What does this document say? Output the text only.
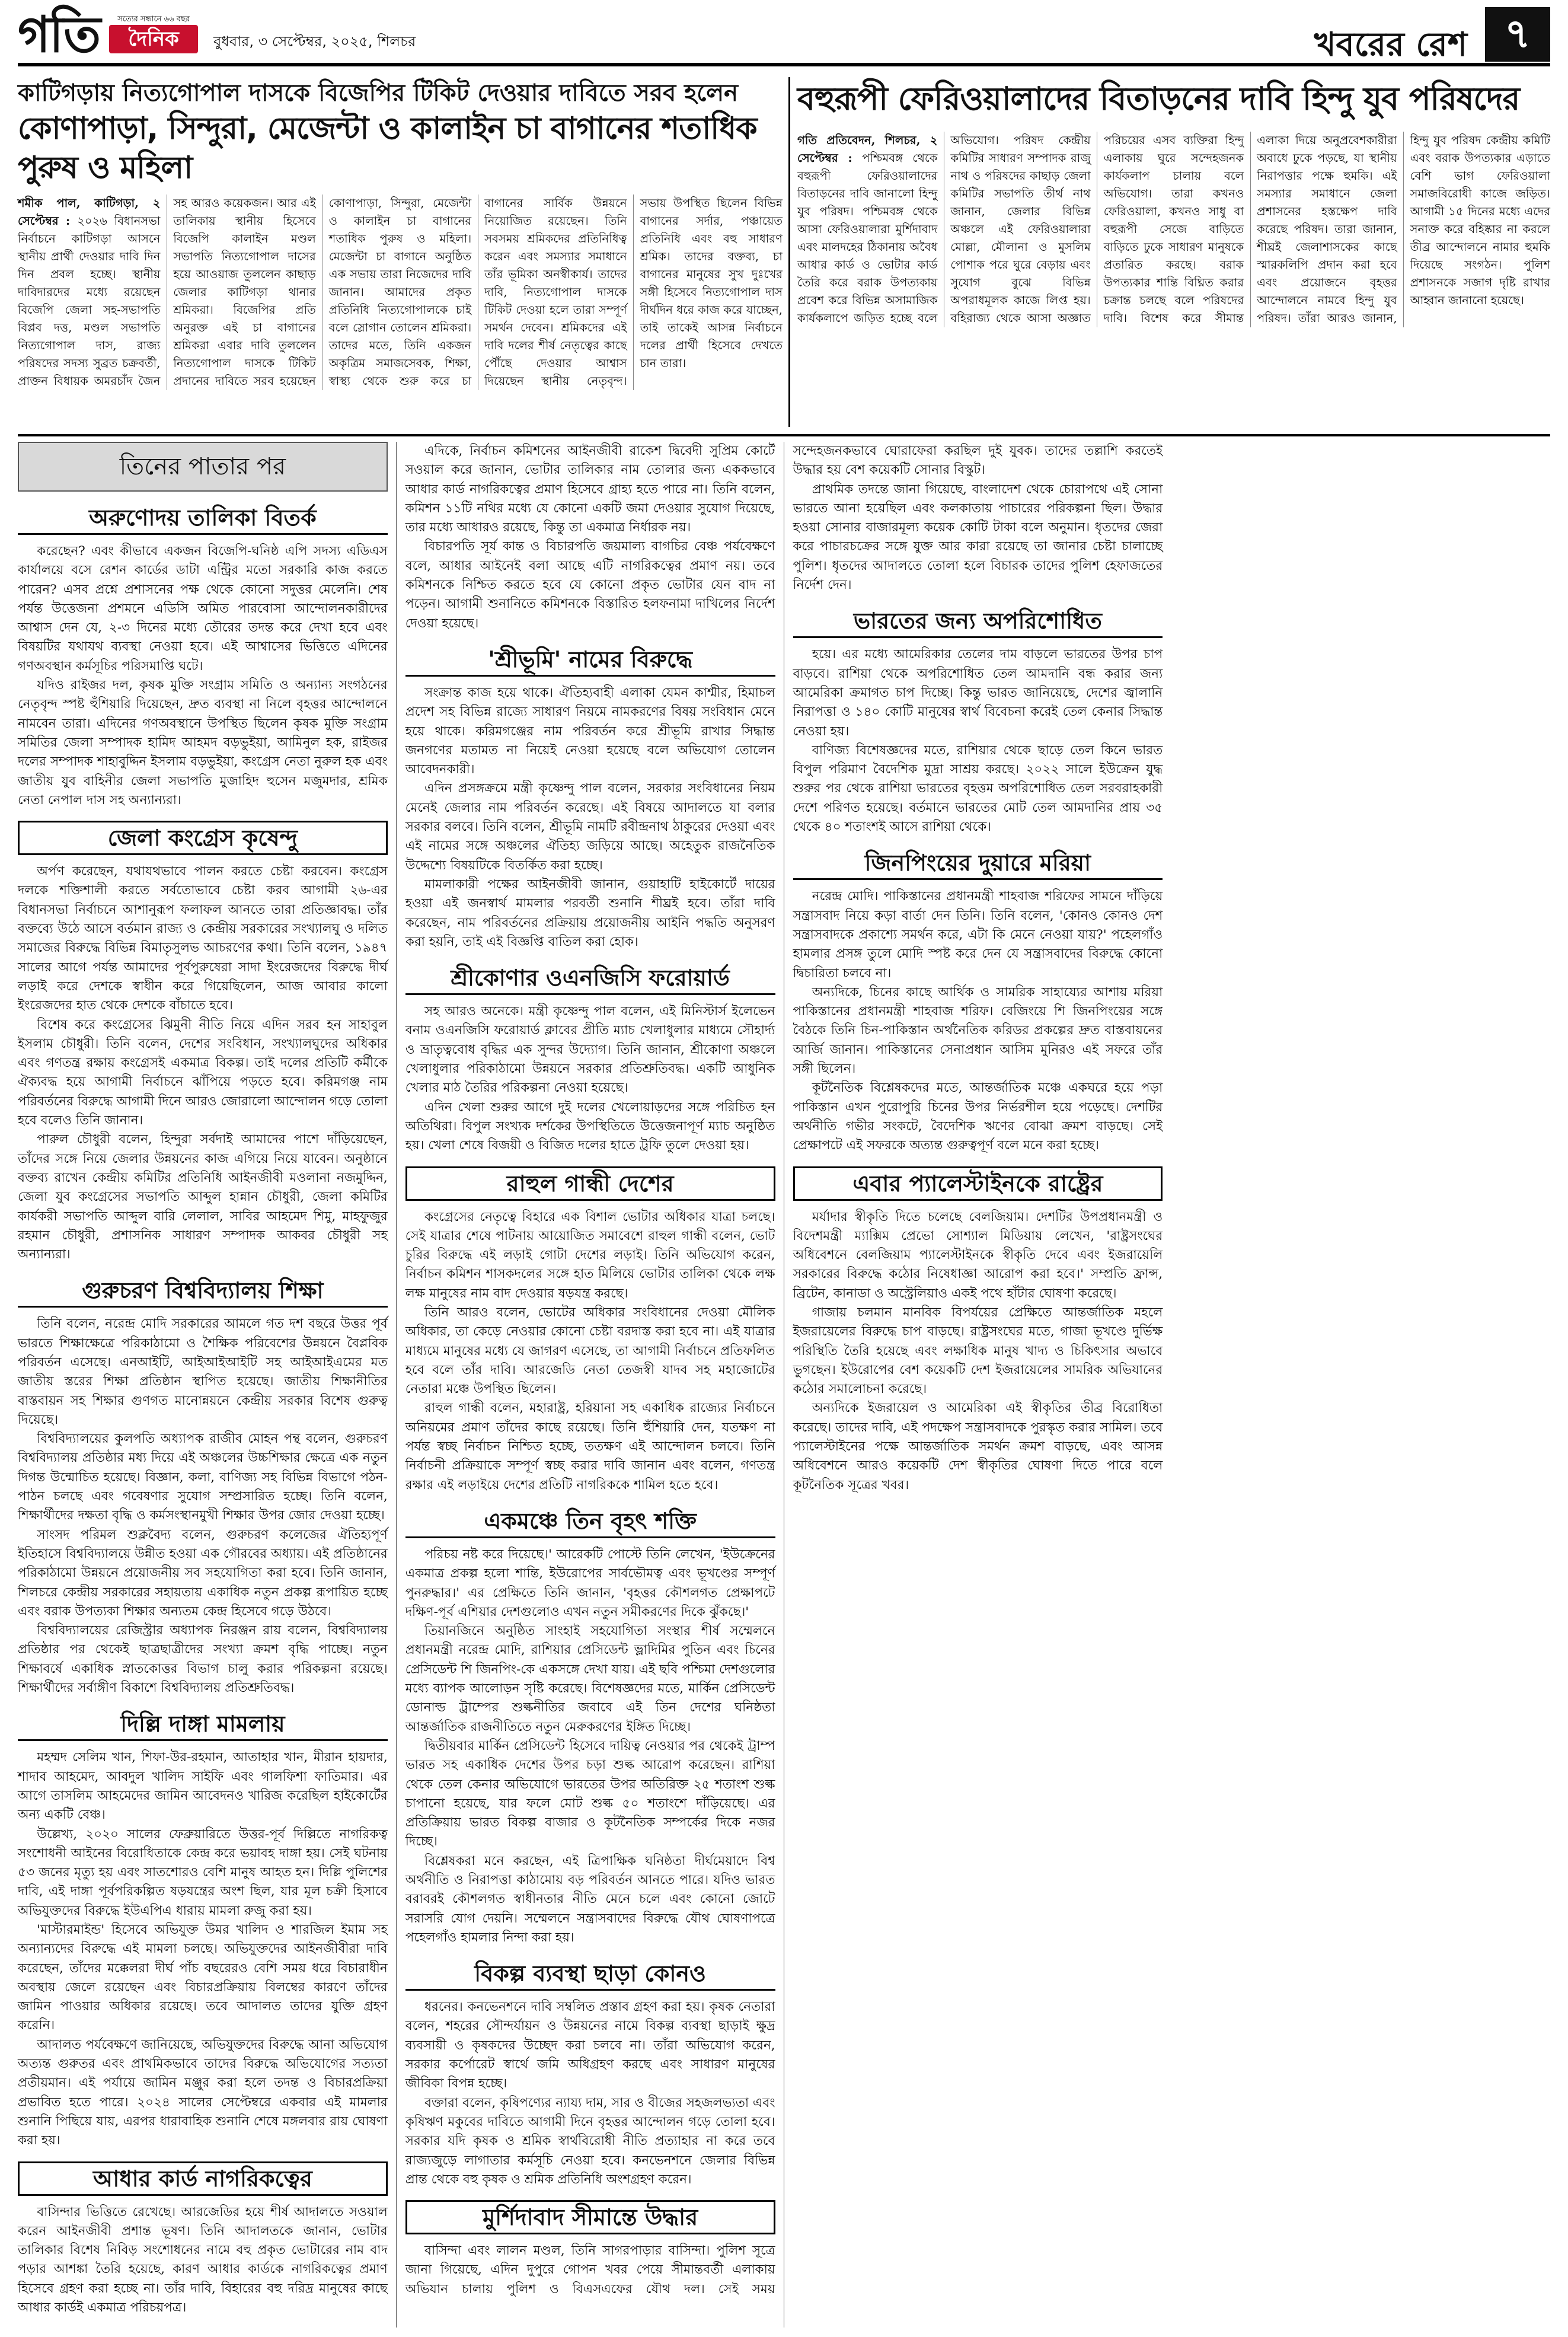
গতি	সত্যের সন্ধানে ৬৬ বছর
দৈনিক	বুধবার, ৩ সেপ্টেম্বর, ২০২৫, শিলচর	খবরের রেশ ৭
কাটিগড়ায় নিত্যগোপাল দাসকে বিজেপির টিকিট দেওয়ার দাবিতে সরব হলেন
কোণাপাড়া, সিন্দুরা, মেজেন্টা ও কালাইন চা বাগানের শতাধিক পুরুষ ও মহিলা
শমীক পাল, কাটিগড়া, ২ সেপ্টেম্বর : ২০২৬ বিধানসভা নির্বাচনে কাটিগড়া আসনে স্থানীয় প্রার্থী দেওয়ার দাবি দিন দিন প্রবল হচ্ছে। স্থানীয় দাবিদারদের মধ্যে রয়েছেন বিজেপি জেলা সহ-সভাপতি বিপ্লব দত্ত, মণ্ডল সভাপতি নিত্যগোপাল দাস, রাজ্য পরিষদের সদস্য সুব্রত চক্রবর্তী, প্রাক্তন বিধায়ক অমরচাঁদ জৈন সহ আরও কয়েকজন। আর এই তালিকায় স্থানীয় হিসেবে বিজেপি কালাইন মণ্ডল সভাপতি নিত্যগোপাল দাসের হয়ে আওয়াজ তুললেন কাছাড় জেলার কাটিগড়া থানার শ্রমিকরা। বিজেপির প্রতি অনুরক্ত এই চা বাগানের শ্রমিকরা এবার দাবি তুললেন নিত্যগোপাল দাসকে টিকিট প্রদানের দাবিতে সরব হয়েছেন কোণাপাড়া, সিন্দুরা, মেজেন্টা ও কালাইন চা বাগানের শতাধিক পুরুষ ও মহিলা। মেজেন্টা চা বাগানে অনুষ্ঠিত এক সভায় তারা নিজেদের দাবি জানান। আমাদের প্রকৃত প্রতিনিধি নিত্যগোপালকে চাই বলে স্লোগান তোলেন শ্রমিকরা। তাদের মতে, তিনি একজন অকৃত্রিম সমাজসেবক, শিক্ষা, স্বাস্থ্য থেকে শুরু করে চা বাগানের সার্বিক উন্নয়নে নিয়োজিত রয়েছেন। তিনি সবসময় শ্রমিকদের প্রতিনিধিত্ব করেন এবং সমস্যার সমাধানে তাঁর ভূমিকা অনস্বীকার্য। তাদের দাবি, নিত্যগোপাল দাসকে টিকিট দেওয়া হলে তারা সম্পূর্ণ সমর্থন দেবেন। শ্রমিকদের এই দাবি দলের শীর্ষ নেতৃত্বের কাছে পৌঁছে দেওয়ার আশ্বাস দিয়েছেন স্থানীয় নেতৃবৃন্দ। সভায় উপস্থিত ছিলেন বিভিন্ন বাগানের সর্দার, পঞ্চায়েত প্রতিনিধি এবং বহু সাধারণ শ্রমিক। তাদের বক্তব্য, চা বাগানের মানুষের সুখ দুঃখের সঙ্গী হিসেবে নিত্যগোপাল দাস দীর্ঘদিন ধরে কাজ করে যাচ্ছেন, তাই তাকেই আসন্ন নির্বাচনে দলের প্রার্থী হিসেবে দেখতে চান তারা।
বহুরূপী ফেরিওয়ালাদের বিতাড়নের দাবি হিন্দু যুব পরিষদের
গতি প্রতিবেদন, শিলচর, ২ সেপ্টেম্বর : পশ্চিমবঙ্গ থেকে বহুরূপী ফেরিওয়ালাদের বিতাড়নের দাবি জানালো হিন্দু যুব পরিষদ। পশ্চিমবঙ্গ থেকে আসা ফেরিওয়ালারা মুর্শিদাবাদ এবং মালদহের ঠিকানায় অবৈধ আধার কার্ড ও ভোটার কার্ড তৈরি করে বরাক উপত্যকায় প্রবেশ করে বিভিন্ন অসামাজিক কার্যকলাপে জড়িত হচ্ছে বলে অভিযোগ। পরিষদ কেন্দ্রীয় কমিটির সাধারণ সম্পাদক রাজু নাথ ও পরিষদের কাছাড় জেলা কমিটির সভাপতি তীর্থ নাথ জানান, জেলার বিভিন্ন অঞ্চলে এই ফেরিওয়ালারা মোল্লা, মৌলানা ও মুসলিম পোশাক পরে ঘুরে বেড়ায় এবং সুযোগ বুঝে বিভিন্ন অপরাধমূলক কাজে লিপ্ত হয়। বহিরাজ্য থেকে আসা অজ্ঞাত পরিচয়ের এসব ব্যক্তিরা হিন্দু এলাকায় ঘুরে সন্দেহজনক কার্যকলাপ চালায় বলে অভিযোগ। তারা কখনও ফেরিওয়ালা, কখনও সাধু বা বহুরূপী সেজে বাড়িতে বাড়িতে ঢুকে সাধারণ মানুষকে প্রতারিত করছে। বরাক উপত্যকার শান্তি বিঘ্নিত করার চক্রান্ত চলছে বলে পরিষদের দাবি। বিশেষ করে সীমান্ত এলাকা দিয়ে অনুপ্রবেশকারীরা অবাধে ঢুকে পড়ছে, যা স্থানীয় নিরাপত্তার পক্ষে হুমকি। এই সমস্যার সমাধানে জেলা প্রশাসনের হস্তক্ষেপ দাবি করেছে পরিষদ। তারা জানান, শীঘ্রই জেলাশাসকের কাছে স্মারকলিপি প্রদান করা হবে এবং প্রয়োজনে বৃহত্তর আন্দোলনে নামবে হিন্দু যুব পরিষদ। তাঁরা আরও জানান, হিন্দু যুব পরিষদ কেন্দ্রীয় কমিটি এবং বরাক উপত্যকার এড়াতে বেশি ভাগ ফেরিওয়ালা সমাজবিরোধী কাজে জড়িত। আগামী ১৫ দিনের মধ্যে এদের সনাক্ত করে বহিষ্কার না করলে তীব্র আন্দোলনে নামার হুমকি দিয়েছে সংগঠন। পুলিশ প্রশাসনকে সজাগ দৃষ্টি রাখার আহ্বান জানানো হয়েছে।
তিনের পাতার পর
অরুণোদয় তালিকা বিতর্ক

করেছেন? এবং কীভাবে একজন বিজেপি-ঘনিষ্ঠ এপি সদস্য এডিএস কার্যালয়ে বসে রেশন কার্ডের ডাটা এন্ট্রির মতো সরকারি কাজ করতে পারেন? এসব প্রশ্নে প্রশাসনের পক্ষ থেকে কোনো সদুত্তর মেলেনি। শেষ পর্যন্ত উত্তেজনা প্রশমনে এডিসি অমিত পারবোসা আন্দোলনকারীদের আশ্বাস দেন যে, ২-৩ দিনের মধ্যে তৌরের তদন্ত করে দেখা হবে এবং বিষয়টির যথাযথ ব্যবস্থা নেওয়া হবে। এই আশ্বাসের ভিত্তিতে এদিনের গণঅবস্থান কর্মসূচির পরিসমাপ্তি ঘটে।

যদিও রাইজর দল, কৃষক মুক্তি সংগ্রাম সমিতি ও অন্যান্য সংগঠনের নেতৃবৃন্দ স্পষ্ট হুঁশিয়ারি দিয়েছেন, দ্রুত ব্যবস্থা না নিলে বৃহত্তর আন্দোলনে নামবেন তারা। এদিনের গণঅবস্থানে উপস্থিত ছিলেন কৃষক মুক্তি সংগ্রাম সমিতির জেলা সম্পাদক হামিদ আহমদ বড়ভুইয়া, আমিনুল হক, রাইজর দলের সম্পাদক শাহাবুদ্দিন ইসলাম বড়ভুইয়া, কংগ্রেস নেতা নুরুল হক এবং জাতীয় যুব বাহিনীর জেলা সভাপতি মুজাহিদ হুসেন মজুমদার, শ্রমিক নেতা নেপাল দাস সহ অন্যান্যরা।

জেলা কংগ্রেস কৃষেন্দু

অর্পণ করেছেন, যথাযথভাবে পালন করতে চেষ্টা করবেন। কংগ্রেস দলকে শক্তিশালী করতে সর্বতোভাবে চেষ্টা করব আগামী ২৬-এর বিধানসভা নির্বাচনে আশানুরূপ ফলাফল আনতে তারা প্রতিজ্ঞাবদ্ধ। তাঁর বক্তব্যে উঠে আসে বর্তমান রাজ্য ও কেন্দ্রীয় সরকারের সংখ্যালঘু ও দলিত সমাজের বিরুদ্ধে বিভিন্ন বিমাতৃসুলভ আচরণের কথা। তিনি বলেন, ১৯৪৭ সালের আগে পর্যন্ত আমাদের পূর্বপুরুষেরা সাদা ইংরেজদের বিরুদ্ধে দীর্ঘ লড়াই করে দেশকে স্বাধীন করে গিয়েছিলেন, আজ আবার কালো ইংরেজদের হাত থেকে দেশকে বাঁচাতে হবে।

বিশেষ করে কংগ্রেসের ঝিমুনী নীতি নিয়ে এদিন সরব হন সাহাবুল ইসলাম চৌধুরী। তিনি বলেন, দেশের সংবিধান, সংখ্যালঘুদের অধিকার এবং গণতন্ত্র রক্ষায় কংগ্রেসই একমাত্র বিকল্প। তাই দলের প্রতিটি কর্মীকে ঐক্যবদ্ধ হয়ে আগামী নির্বাচনে ঝাঁপিয়ে পড়তে হবে। করিমগঞ্জ নাম পরিবর্তনের বিরুদ্ধে আগামী দিনে আরও জোরালো আন্দোলন গড়ে তোলা হবে বলেও তিনি জানান।

পারুল চৌধুরী বলেন, হিন্দুরা সর্বদাই আমাদের পাশে দাঁড়িয়েছেন, তাঁদের সঙ্গে নিয়ে জেলার উন্নয়নের কাজ এগিয়ে নিয়ে যাবেন। অনুষ্ঠানে বক্তব্য রাখেন কেন্দ্রীয় কমিটির প্রতিনিধি আইনজীবী মওলানা নজমুদ্দিন, জেলা যুব কংগ্রেসের সভাপতি আব্দুল হান্নান চৌধুরী, জেলা কমিটির কার্যকরী সভাপতি আব্দুল বারি লেলাল, সাবির আহমেদ শিমু, মাহফুজুর রহমান চৌধুরী, প্রশাসনিক সাধারণ সম্পাদক আকবর চৌধুরী সহ অন্যান্যরা।

গুরুচরণ বিশ্ববিদ্যালয় শিক্ষা

তিনি বলেন, নরেন্দ্র মোদি সরকারের আমলে গত দশ বছরে উত্তর পূর্ব ভারতে শিক্ষাক্ষেত্রে পরিকাঠামো ও শৈক্ষিক পরিবেশের উন্নয়নে বৈপ্লবিক পরিবর্তন এসেছে। এনআইটি, আইআইআইটি সহ আইআইএমের মত জাতীয় স্তরের শিক্ষা প্রতিষ্ঠান স্থাপিত হয়েছে। জাতীয় শিক্ষানীতির বাস্তবায়ন সহ শিক্ষার গুণগত মানোন্নয়নে কেন্দ্রীয় সরকার বিশেষ গুরুত্ব দিয়েছে।

বিশ্ববিদ্যালয়ের কুলপতি অধ্যাপক রাজীব মোহন পন্থ বলেন, গুরুচরণ বিশ্ববিদ্যালয় প্রতিষ্ঠার মধ্য দিয়ে এই অঞ্চলের উচ্চশিক্ষার ক্ষেত্রে এক নতুন দিগন্ত উন্মোচিত হয়েছে। বিজ্ঞান, কলা, বাণিজ্য সহ বিভিন্ন বিভাগে পঠন-পাঠন চলছে এবং গবেষণার সুযোগ সম্প্রসারিত হচ্ছে। তিনি বলেন, শিক্ষার্থীদের দক্ষতা বৃদ্ধি ও কর্মসংস্থানমুখী শিক্ষার উপর জোর দেওয়া হচ্ছে।

সাংসদ পরিমল শুক্লবৈদ্য বলেন, গুরুচরণ কলেজের ঐতিহ্যপূর্ণ ইতিহাসে বিশ্ববিদ্যালয়ে উন্নীত হওয়া এক গৌরবের অধ্যায়। এই প্রতিষ্ঠানের পরিকাঠামো উন্নয়নে প্রয়োজনীয় সব সহযোগিতা করা হবে। তিনি জানান, শিলচরে কেন্দ্রীয় সরকারের সহায়তায় একাধিক নতুন প্রকল্প রূপায়িত হচ্ছে এবং বরাক উপত্যকা শিক্ষার অন্যতম কেন্দ্র হিসেবে গড়ে উঠবে।

বিশ্ববিদ্যালয়ের রেজিস্ট্রার অধ্যাপক নিরঞ্জন রায় বলেন, বিশ্ববিদ্যালয় প্রতিষ্ঠার পর থেকেই ছাত্রছাত্রীদের সংখ্যা ক্রমশ বৃদ্ধি পাচ্ছে। নতুন শিক্ষাবর্ষে একাধিক স্নাতকোত্তর বিভাগ চালু করার পরিকল্পনা রয়েছে। শিক্ষার্থীদের সর্বাঙ্গীণ বিকাশে বিশ্ববিদ্যালয় প্রতিশ্রুতিবদ্ধ।

দিল্লি দাঙ্গা মামলায়

মহম্মদ সেলিম খান, শিফা-উর-রহমান, আতাহার খান, মীরান হায়দার, শাদাব আহমেদ, আবদুল খালিদ সাইফি এবং গালফিশা ফাতিমার। এর আগে তাসলিম আহমেদের জামিন আবেদনও খারিজ করেছিল হাইকোর্টের অন্য একটি বেঞ্চ।

উল্লেখ্য, ২০২০ সালের ফেব্রুয়ারিতে উত্তর-পূর্ব দিল্লিতে নাগরিকত্ব সংশোধনী আইনের বিরোধিতাকে কেন্দ্র করে ভয়াবহ দাঙ্গা হয়। সেই ঘটনায় ৫৩ জনের মৃত্যু হয় এবং সাতশোরও বেশি মানুষ আহত হন। দিল্লি পুলিশের দাবি, এই দাঙ্গা পূর্বপরিকল্পিত ষড়যন্ত্রের অংশ ছিল, যার মূল চক্রী হিসাবে অভিযুক্তদের বিরুদ্ধে ইউএপিএ ধারায় মামলা রুজু করা হয়।

'মাস্টারমাইন্ড' হিসেবে অভিযুক্ত উমর খালিদ ও শারজিল ইমাম সহ অন্যান্যদের বিরুদ্ধে এই মামলা চলছে। অভিযুক্তদের আইনজীবীরা দাবি করেছেন, তাঁদের মক্কেলরা দীর্ঘ পাঁচ বছরেরও বেশি সময় ধরে বিচারাধীন অবস্থায় জেলে রয়েছেন এবং বিচারপ্রক্রিয়ায় বিলম্বের কারণে তাঁদের জামিন পাওয়ার অধিকার রয়েছে। তবে আদালত তাদের যুক্তি গ্রহণ করেনি।

আদালত পর্যবেক্ষণে জানিয়েছে, অভিযুক্তদের বিরুদ্ধে আনা অভিযোগ অত্যন্ত গুরুতর এবং প্রাথমিকভাবে তাদের বিরুদ্ধে অভিযোগের সত্যতা প্রতীয়মান। এই পর্যায়ে জামিন মঞ্জুর করা হলে তদন্ত ও বিচারপ্রক্রিয়া প্রভাবিত হতে পারে। ২০২৪ সালের সেপ্টেম্বরে একবার এই মামলার শুনানি পিছিয়ে যায়, এরপর ধারাবাহিক শুনানি শেষে মঙ্গলবার রায় ঘোষণা করা হয়।

আধার কার্ড নাগরিকত্বের

বাসিন্দার ভিত্তিতে রেখেছে। আরজেডির হয়ে শীর্ষ আদালতে সওয়াল করেন আইনজীবী প্রশান্ত ভূষণ। তিনি আদালতকে জানান, ভোটার তালিকার বিশেষ নিবিড় সংশোধনের নামে বহু প্রকৃত ভোটারের নাম বাদ পড়ার আশঙ্কা তৈরি হয়েছে, কারণ আধার কার্ডকে নাগরিকত্বের প্রমাণ হিসেবে গ্রহণ করা হচ্ছে না। তাঁর দাবি, বিহারের বহু দরিদ্র মানুষের কাছে আধার কার্ডই একমাত্র পরিচয়পত্র।

এদিকে, নির্বাচন কমিশনের আইনজীবী রাকেশ দ্বিবেদী সুপ্রিম কোর্টে সওয়াল করে জানান, ভোটার তালিকার নাম তোলার জন্য এককভাবে আধার কার্ড নাগরিকত্বের প্রমাণ হিসেবে গ্রাহ্য হতে পারে না। তিনি বলেন, কমিশন ১১টি নথির মধ্যে যে কোনো একটি জমা দেওয়ার সুযোগ দিয়েছে, তার মধ্যে আধারও রয়েছে, কিন্তু তা একমাত্র নির্ধারক নয়।

বিচারপতি সূর্য কান্ত ও বিচারপতি জয়মাল্য বাগচির বেঞ্চ পর্যবেক্ষণে বলে, আধার আইনেই বলা আছে এটি নাগরিকত্বের প্রমাণ নয়। তবে কমিশনকে নিশ্চিত করতে হবে যে কোনো প্রকৃত ভোটার যেন বাদ না পড়েন। আগামী শুনানিতে কমিশনকে বিস্তারিত হলফনামা দাখিলের নির্দেশ দেওয়া হয়েছে।

'শ্রীভূমি' নামের বিরুদ্ধে

সংক্রান্ত কাজ হয়ে থাকে। ঐতিহ্যবাহী এলাকা যেমন কাশ্মীর, হিমাচল প্রদেশ সহ বিভিন্ন রাজ্যে সাধারণ নিয়মে নামকরণের বিষয় সংবিধান মেনে হয়ে থাকে। করিমগঞ্জের নাম পরিবর্তন করে শ্রীভূমি রাখার সিদ্ধান্ত জনগণের মতামত না নিয়েই নেওয়া হয়েছে বলে অভিযোগ তোলেন আবেদনকারী।

এদিন প্রসঙ্গক্রমে মন্ত্রী কৃষ্ণেন্দু পাল বলেন, সরকার সংবিধানের নিয়ম মেনেই জেলার নাম পরিবর্তন করেছে। এই বিষয়ে আদালতে যা বলার সরকার বলবে। তিনি বলেন, শ্রীভূমি নামটি রবীন্দ্রনাথ ঠাকুরের দেওয়া এবং এই নামের সঙ্গে অঞ্চলের ঐতিহ্য জড়িয়ে আছে। অহেতুক রাজনৈতিক উদ্দেশ্যে বিষয়টিকে বিতর্কিত করা হচ্ছে।

মামলাকারী পক্ষের আইনজীবী জানান, গুয়াহাটি হাইকোর্টে দায়ের হওয়া এই জনস্বার্থ মামলার পরবর্তী শুনানি শীঘ্রই হবে। তাঁরা দাবি করেছেন, নাম পরিবর্তনের প্রক্রিয়ায় প্রয়োজনীয় আইনি পদ্ধতি অনুসরণ করা হয়নি, তাই এই বিজ্ঞপ্তি বাতিল করা হোক।

শ্রীকোণার ওএনজিসি ফরোয়ার্ড

সহ আরও অনেকে। মন্ত্রী কৃষ্ণেন্দু পাল বলেন, এই মিনিস্টার্স ইলেভেন বনাম ওএনজিসি ফরোয়ার্ড ক্লাবের প্রীতি ম্যাচ খেলাধুলার মাধ্যমে সৌহার্দ্য ও ভ্রাতৃত্ববোধ বৃদ্ধির এক সুন্দর উদ্যোগ। তিনি জানান, শ্রীকোণা অঞ্চলে খেলাধুলার পরিকাঠামো উন্নয়নে সরকার প্রতিশ্রুতিবদ্ধ। একটি আধুনিক খেলার মাঠ তৈরির পরিকল্পনা নেওয়া হয়েছে।

এদিন খেলা শুরুর আগে দুই দলের খেলোয়াড়দের সঙ্গে পরিচিত হন অতিথিরা। বিপুল সংখ্যক দর্শকের উপস্থিতিতে উত্তেজনাপূর্ণ ম্যাচ অনুষ্ঠিত হয়। খেলা শেষে বিজয়ী ও বিজিত দলের হাতে ট্রফি তুলে দেওয়া হয়।

রাহুল গান্ধী দেশের

কংগ্রেসের নেতৃত্বে বিহারে এক বিশাল ভোটার অধিকার যাত্রা চলছে। সেই যাত্রার শেষে পাটনায় আয়োজিত সমাবেশে রাহুল গান্ধী বলেন, ভোট চুরির বিরুদ্ধে এই লড়াই গোটা দেশের লড়াই। তিনি অভিযোগ করেন, নির্বাচন কমিশন শাসকদলের সঙ্গে হাত মিলিয়ে ভোটার তালিকা থেকে লক্ষ লক্ষ মানুষের নাম বাদ দেওয়ার ষড়যন্ত্র করছে।

তিনি আরও বলেন, ভোটের অধিকার সংবিধানের দেওয়া মৌলিক অধিকার, তা কেড়ে নেওয়ার কোনো চেষ্টা বরদাস্ত করা হবে না। এই যাত্রার মাধ্যমে মানুষের মধ্যে যে জাগরণ এসেছে, তা আগামী নির্বাচনে প্রতিফলিত হবে বলে তাঁর দাবি। আরজেডি নেতা তেজস্বী যাদব সহ মহাজোটের নেতারা মঞ্চে উপস্থিত ছিলেন।

রাহুল গান্ধী বলেন, মহারাষ্ট্র, হরিয়ানা সহ একাধিক রাজ্যের নির্বাচনে অনিয়মের প্রমাণ তাঁদের কাছে রয়েছে। তিনি হুঁশিয়ারি দেন, যতক্ষণ না পর্যন্ত স্বচ্ছ নির্বাচন নিশ্চিত হচ্ছে, ততক্ষণ এই আন্দোলন চলবে। তিনি নির্বাচনী প্রক্রিয়াকে সম্পূর্ণ স্বচ্ছ করার দাবি জানান এবং বলেন, গণতন্ত্র রক্ষার এই লড়াইয়ে দেশের প্রতিটি নাগরিককে শামিল হতে হবে।

একমঞ্চে তিন বৃহৎ শক্তি

পরিচয় নষ্ট করে দিয়েছে।' আরেকটি পোস্টে তিনি লেখেন, 'ইউক্রেনের একমাত্র প্রকল্প হলো শান্তি, ইউরোপের সার্বভৌমত্ব এবং ভূখণ্ডের সম্পূর্ণ পুনরুদ্ধার।' এর প্রেক্ষিতে তিনি জানান, 'বৃহত্তর কৌশলগত প্রেক্ষাপটে দক্ষিণ-পূর্ব এশিয়ার দেশগুলোও এখন নতুন সমীকরণের দিকে ঝুঁকছে।'

তিয়ানজিনে অনুষ্ঠিত সাংহাই সহযোগিতা সংস্থার শীর্ষ সম্মেলনে প্রধানমন্ত্রী নরেন্দ্র মোদি, রাশিয়ার প্রেসিডেন্ট ভ্লাদিমির পুতিন এবং চিনের প্রেসিডেন্ট শি জিনপিং-কে একসঙ্গে দেখা যায়। এই ছবি পশ্চিমা দেশগুলোর মধ্যে ব্যাপক আলোড়ন সৃষ্টি করেছে। বিশেষজ্ঞদের মতে, মার্কিন প্রেসিডেন্ট ডোনাল্ড ট্রাম্পের শুল্কনীতির জবাবে এই তিন দেশের ঘনিষ্ঠতা আন্তর্জাতিক রাজনীতিতে নতুন মেরুকরণের ইঙ্গিত দিচ্ছে।

দ্বিতীয়বার মার্কিন প্রেসিডেন্ট হিসেবে দায়িত্ব নেওয়ার পর থেকেই ট্রাম্প ভারত সহ একাধিক দেশের উপর চড়া শুল্ক আরোপ করেছেন। রাশিয়া থেকে তেল কেনার অভিযোগে ভারতের উপর অতিরিক্ত ২৫ শতাংশ শুল্ক চাপানো হয়েছে, যার ফলে মোট শুল্ক ৫০ শতাংশে দাঁড়িয়েছে। এর প্রতিক্রিয়ায় ভারত বিকল্প বাজার ও কূটনৈতিক সম্পর্কের দিকে নজর দিচ্ছে।

বিশ্লেষকরা মনে করছেন, এই ত্রিপাক্ষিক ঘনিষ্ঠতা দীর্ঘমেয়াদে বিশ্ব অর্থনীতি ও নিরাপত্তা কাঠামোয় বড় পরিবর্তন আনতে পারে। যদিও ভারত বরাবরই কৌশলগত স্বাধীনতার নীতি মেনে চলে এবং কোনো জোটে সরাসরি যোগ দেয়নি। সম্মেলনে সন্ত্রাসবাদের বিরুদ্ধে যৌথ ঘোষণাপত্রে পহেলগাঁও হামলার নিন্দা করা হয়।

বিকল্প ব্যবস্থা ছাড়া কোনও

ধরনের। কনভেনশনে দাবি সম্বলিত প্রস্তাব গ্রহণ করা হয়। কৃষক নেতারা বলেন, শহরের সৌন্দর্যায়ন ও উন্নয়নের নামে বিকল্প ব্যবস্থা ছাড়াই ক্ষুদ্র ব্যবসায়ী ও কৃষকদের উচ্ছেদ করা চলবে না। তাঁরা অভিযোগ করেন, সরকার কর্পোরেট স্বার্থে জমি অধিগ্রহণ করছে এবং সাধারণ মানুষের জীবিকা বিপন্ন হচ্ছে।

বক্তারা বলেন, কৃষিপণ্যের ন্যায্য দাম, সার ও বীজের সহজলভ্যতা এবং কৃষিঋণ মকুবের দাবিতে আগামী দিনে বৃহত্তর আন্দোলন গড়ে তোলা হবে। সরকার যদি কৃষক ও শ্রমিক স্বার্থবিরোধী নীতি প্রত্যাহার না করে তবে রাজ্যজুড়ে লাগাতার কর্মসূচি নেওয়া হবে। কনভেনশনে জেলার বিভিন্ন প্রান্ত থেকে বহু কৃষক ও শ্রমিক প্রতিনিধি অংশগ্রহণ করেন।

মুর্শিদাবাদ সীমান্তে উদ্ধার

বাসিন্দা এবং লালন মণ্ডল, তিনি সাগরপাড়ার বাসিন্দা। পুলিশ সূত্রে জানা গিয়েছে, এদিন দুপুরে গোপন খবর পেয়ে সীমান্তবর্তী এলাকায় অভিযান চালায় পুলিশ ও বিএসএফের যৌথ দল। সেই সময় সন্দেহজনকভাবে ঘোরাফেরা করছিল দুই যুবক। তাদের তল্লাশি করতেই উদ্ধার হয় বেশ কয়েকটি সোনার বিস্কুট।

প্রাথমিক তদন্তে জানা গিয়েছে, বাংলাদেশ থেকে চোরাপথে এই সোনা ভারতে আনা হয়েছিল এবং কলকাতায় পাচারের পরিকল্পনা ছিল। উদ্ধার হওয়া সোনার বাজারমূল্য কয়েক কোটি টাকা বলে অনুমান। ধৃতদের জেরা করে পাচারচক্রের সঙ্গে যুক্ত আর কারা রয়েছে তা জানার চেষ্টা চালাচ্ছে পুলিশ। ধৃতদের আদালতে তোলা হলে বিচারক তাদের পুলিশ হেফাজতের নির্দেশ দেন।

ভারতের জন্য অপরিশোধিত

হয়ে। এর মধ্যে আমেরিকার তেলের দাম বাড়লে ভারতের উপর চাপ বাড়বে। রাশিয়া থেকে অপরিশোধিত তেল আমদানি বন্ধ করার জন্য আমেরিকা ক্রমাগত চাপ দিচ্ছে। কিন্তু ভারত জানিয়েছে, দেশের জ্বালানি নিরাপত্তা ও ১৪০ কোটি মানুষের স্বার্থ বিবেচনা করেই তেল কেনার সিদ্ধান্ত নেওয়া হয়।

বাণিজ্য বিশেষজ্ঞদের মতে, রাশিয়ার থেকে ছাড়ে তেল কিনে ভারত বিপুল পরিমাণ বৈদেশিক মুদ্রা সাশ্রয় করছে। ২০২২ সালে ইউক্রেন যুদ্ধ শুরুর পর থেকে রাশিয়া ভারতের বৃহত্তম অপরিশোধিত তেল সরবরাহকারী দেশে পরিণত হয়েছে। বর্তমানে ভারতের মোট তেল আমদানির প্রায় ৩৫ থেকে ৪০ শতাংশই আসে রাশিয়া থেকে।

জিনপিংয়ের দুয়ারে মরিয়া

নরেন্দ্র মোদি। পাকিস্তানের প্রধানমন্ত্রী শাহবাজ শরিফের সামনে দাঁড়িয়ে সন্ত্রাসবাদ নিয়ে কড়া বার্তা দেন তিনি। তিনি বলেন, 'কোনও কোনও দেশ সন্ত্রাসবাদকে প্রকাশ্যে সমর্থন করে, এটা কি মেনে নেওয়া যায়?' পহেলগাঁও হামলার প্রসঙ্গ তুলে মোদি স্পষ্ট করে দেন যে সন্ত্রাসবাদের বিরুদ্ধে কোনো দ্বিচারিতা চলবে না।

অন্যদিকে, চিনের কাছে আর্থিক ও সামরিক সাহায্যের আশায় মরিয়া পাকিস্তানের প্রধানমন্ত্রী শাহবাজ শরিফ। বেজিংয়ে শি জিনপিংয়ের সঙ্গে বৈঠকে তিনি চিন-পাকিস্তান অর্থনৈতিক করিডর প্রকল্পের দ্রুত বাস্তবায়নের আর্জি জানান। পাকিস্তানের সেনাপ্রধান আসিম মুনিরও এই সফরে তাঁর সঙ্গী ছিলেন।

কূটনৈতিক বিশ্লেষকদের মতে, আন্তর্জাতিক মঞ্চে একঘরে হয়ে পড়া পাকিস্তান এখন পুরোপুরি চিনের উপর নির্ভরশীল হয়ে পড়েছে। দেশটির অর্থনীতি গভীর সংকটে, বৈদেশিক ঋণের বোঝা ক্রমশ বাড়ছে। সেই প্রেক্ষাপটে এই সফরকে অত্যন্ত গুরুত্বপূর্ণ বলে মনে করা হচ্ছে।

এবার প্যালেস্টাইনকে রাষ্ট্রের

মর্যাদার স্বীকৃতি দিতে চলেছে বেলজিয়াম। দেশটির উপপ্রধানমন্ত্রী ও বিদেশমন্ত্রী ম্যাক্সিম প্রেভো সোশ্যাল মিডিয়ায় লেখেন, 'রাষ্ট্রসংঘের অধিবেশনে বেলজিয়াম প্যালেস্টাইনকে স্বীকৃতি দেবে এবং ইজরায়েলি সরকারের বিরুদ্ধে কঠোর নিষেধাজ্ঞা আরোপ করা হবে।' সম্প্রতি ফ্রান্স, ব্রিটেন, কানাডা ও অস্ট্রেলিয়াও একই পথে হাঁটার ঘোষণা করেছে।

গাজায় চলমান মানবিক বিপর্যয়ের প্রেক্ষিতে আন্তর্জাতিক মহলে ইজরায়েলের বিরুদ্ধে চাপ বাড়ছে। রাষ্ট্রসংঘের মতে, গাজা ভূখণ্ডে দুর্ভিক্ষ পরিস্থিতি তৈরি হয়েছে এবং লক্ষাধিক মানুষ খাদ্য ও চিকিৎসার অভাবে ভুগছেন। ইউরোপের বেশ কয়েকটি দেশ ইজরায়েলের সামরিক অভিযানের কঠোর সমালোচনা করেছে।

অন্যদিকে ইজরায়েল ও আমেরিকা এই স্বীকৃতির তীব্র বিরোধিতা করেছে। তাদের দাবি, এই পদক্ষেপ সন্ত্রাসবাদকে পুরস্কৃত করার সামিল। তবে প্যালেস্টাইনের পক্ষে আন্তর্জাতিক সমর্থন ক্রমশ বাড়ছে, এবং আসন্ন অধিবেশনে আরও কয়েকটি দেশ স্বীকৃতির ঘোষণা দিতে পারে বলে কূটনৈতিক সূত্রের খবর।
